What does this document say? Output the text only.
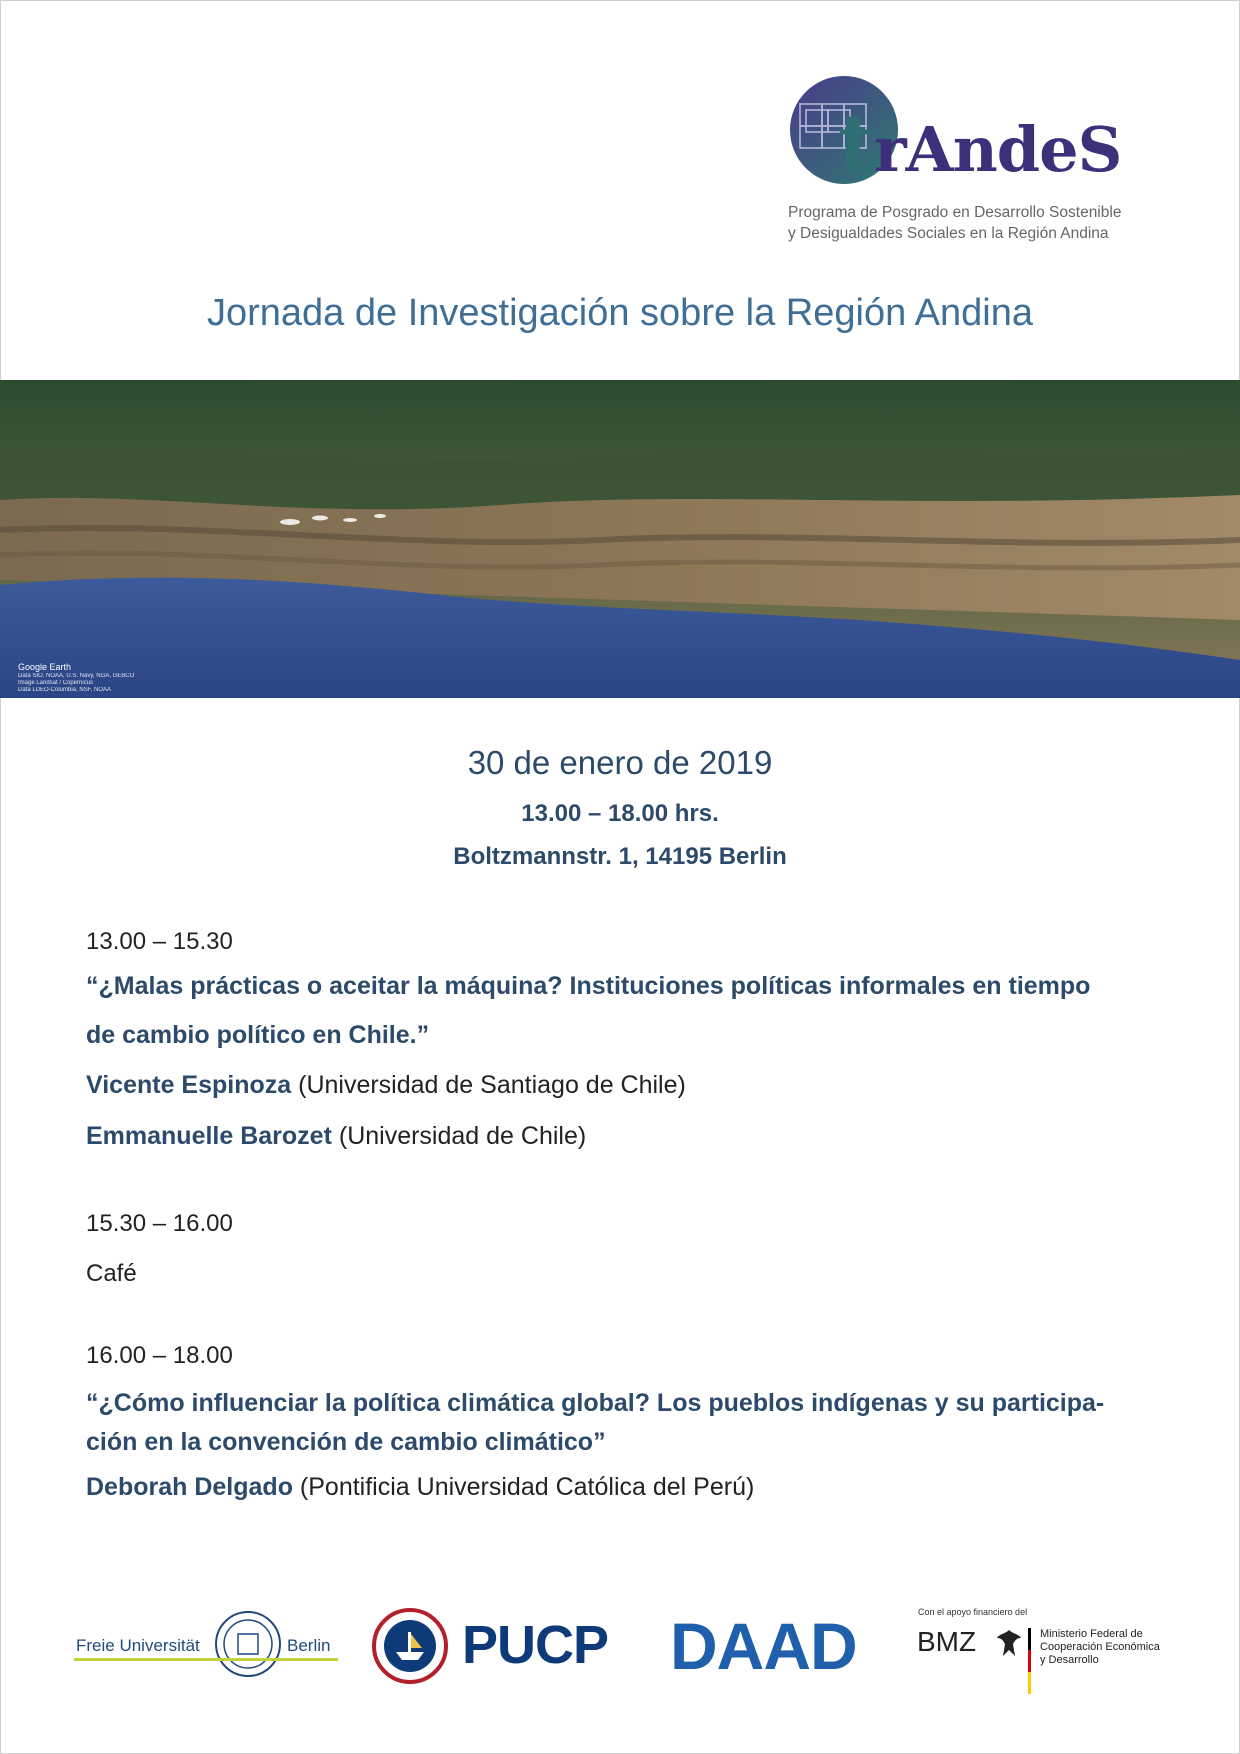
trAndeS
Programa de Posgrado en Desarrollo Sostenible
y Desigualdades Sociales en la Región Andina
Jornada de Investigación sobre la Región Andina
Google Earth
Data SIO, NOAA, U.S. Navy, NGA, GEBCO
Image Landsat / Copernicus
Data LDEO-Columbia, NSF, NOAA
30 de enero de 2019
13.00 – 18.00 hrs.
Boltzmannstr. 1, 14195 Berlin
13.00 – 15.30
“¿Malas prácticas o aceitar la máquina? Instituciones políticas informales en tiempo
de cambio político en Chile.”
Vicente Espinoza (Universidad de Santiago de Chile)
Emmanuelle Barozet (Universidad de Chile)
15.30 – 16.00
Café
16.00 – 18.00
“¿Cómo influenciar la política climática global? Los pueblos indígenas y su participa-
ción en la convención de cambio climático”
Deborah Delgado (Pontificia Universidad Católica del Perú)
Freie Universität	Berlin PUCP DAAD	Con el apoyo financiero del
BMZ	Ministerio Federal de
Cooperación Económica
y Desarrollo
